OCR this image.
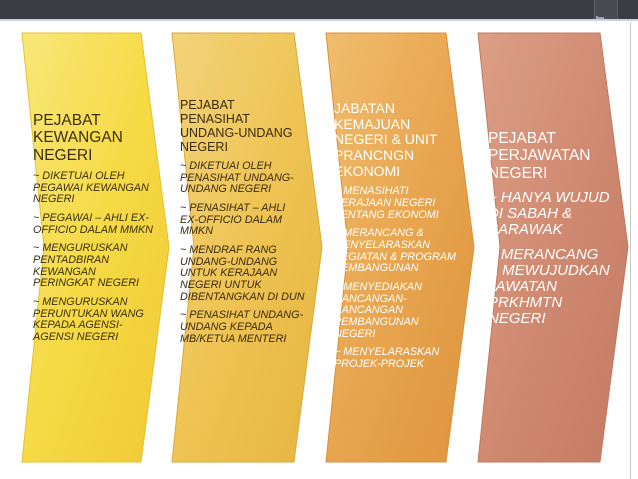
PEJABAT KEWANGAN NEGERI

~ DIKETUAI OLEH PEGAWAI KEWANGAN NEGERI

~ PEGAWAI – AHLI EX-OFFICIO DALAM MMKN

~ MENGURUSKAN PENTADBIRAN KEWANGAN PERINGKAT NEGERI

~ MENGURUSKAN PERUNTUKAN WANG KEPADA AGENSI-AGENSI NEGERI

PEJABAT PENASIHAT UNDANG-UNDANG NEGERI

~ DIKETUAI OLEH PENASIHAT UNDANG-UNDANG NEGERI

~ PENASIHAT – AHLI EX-OFFICIO DALAM MMKN

~ MENDRAF RANG UNDANG-UNDANG UNTUK KERAJAAN NEGERI UNTUK DIBENTANGKAN DI DUN

~ PENASIHAT UNDANG-UNDANG KEPADA MB/KETUA MENTERI

JABATAN KEMAJUAN NEGERI & UNIT PRANCNGN EKONOMI

~ MENASIHATI KERAJAAN NEGERI TENTANG EKONOMI

~ MERANCANG & MENYELARASKAN KEGIATAN & PROGRAM PEMBANGUNAN

~ MENYEDIAKAN RANCANGAN-RANCANGAN PEMBANGUNAN NEGERI

~ MENYELARASKAN PROJEK-PROJEK

PEJABAT PERJAWATAN NEGERI

~ HANYA WUJUD DI SABAH & SARAWAK

~ MERANCANG & MEWUJUDKAN JAWATAN PRKHMTN NEGERI
